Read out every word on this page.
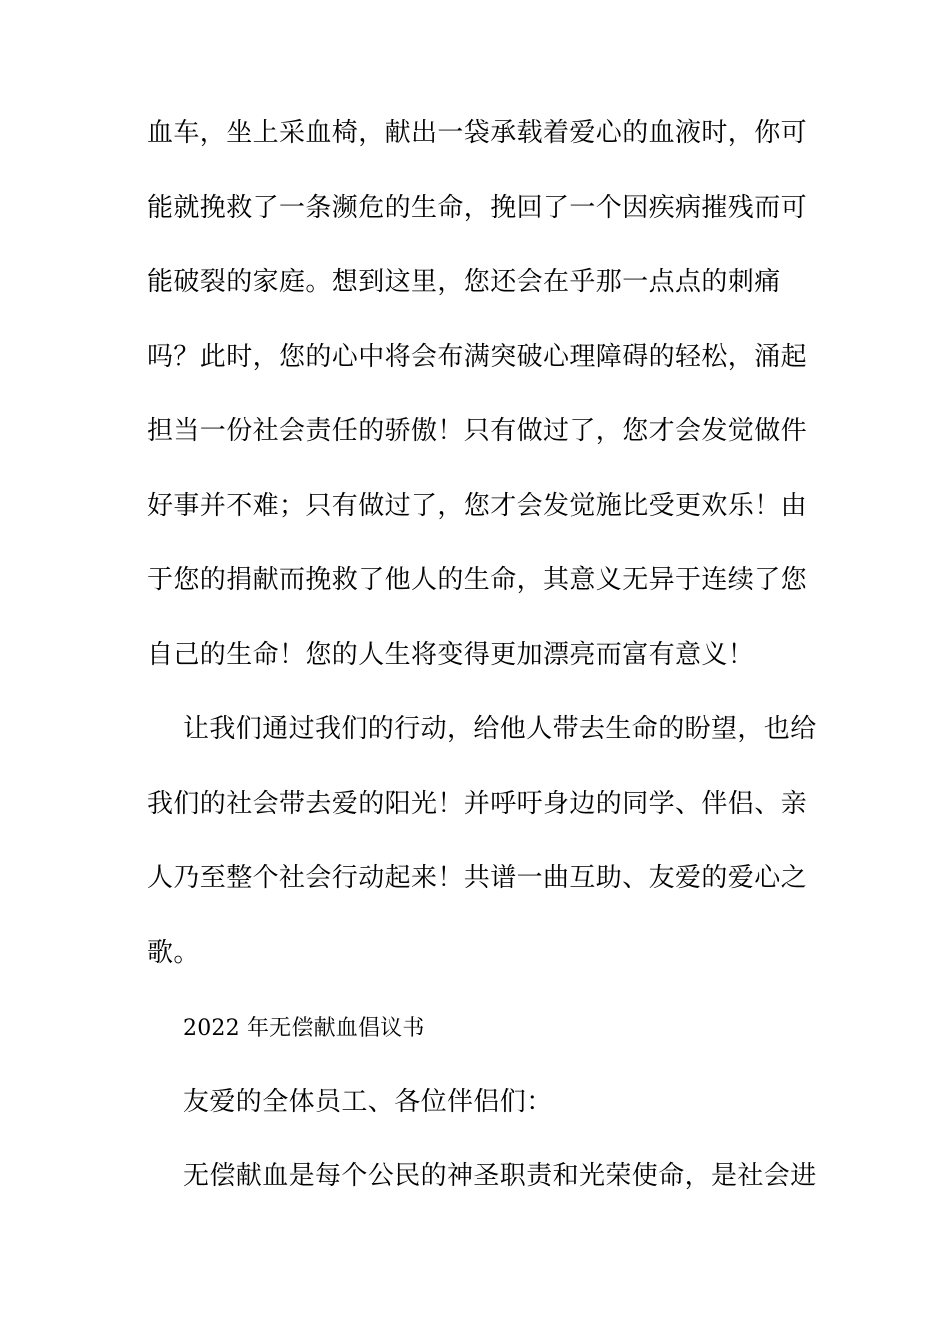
血车，坐上采血椅，献出一袋承载着爱心的血液时，你可
能就挽救了一条濒危的生命，挽回了一个因疾病摧残而可
能破裂的家庭。想到这里，您还会在乎那一点点的刺痛
吗？此时，您的心中将会布满突破心理障碍的轻松，涌起
担当一份社会责任的骄傲！只有做过了，您才会发觉做件
好事并不难；只有做过了，您才会发觉施比受更欢乐！由
于您的捐献而挽救了他人的生命，其意义无异于连续了您
自己的生命！您的人生将变得更加漂亮而富有意义！
让我们通过我们的行动，给他人带去生命的盼望，也给
我们的社会带去爱的阳光！并呼吁身边的同学、伴侣、亲
人乃至整个社会行动起来！共谱一曲互助、友爱的爱心之
歌。
2022 年无偿献血倡议书
友爱的全体员工、各位伴侣们：
无偿献血是每个公民的神圣职责和光荣使命，是社会进
